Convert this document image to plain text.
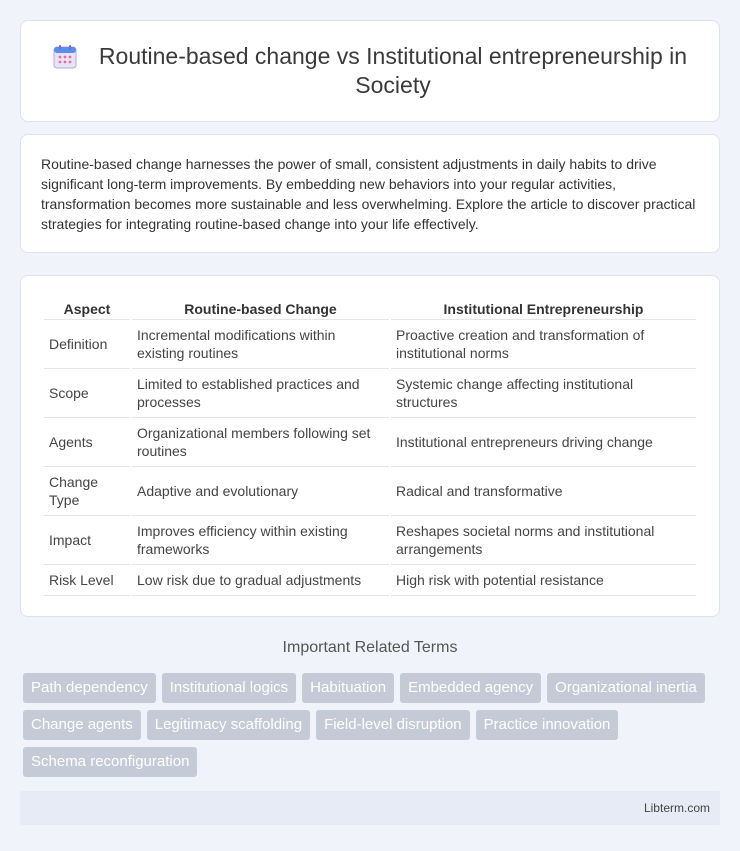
Routine-based change vs Institutional entrepreneurship in Society

Routine-based change harnesses the power of small, consistent adjustments in daily habits to drive significant long-term improvements. By embedding new behaviors into your regular activities, transformation becomes more sustainable and less overwhelming. Explore the article to discover practical strategies for integrating routine-based change into your life effectively.

Aspect	Routine-based Change	Institutional Entrepreneurship
Definition	Incremental modifications within existing routines	Proactive creation and transformation of institutional norms
Scope	Limited to established practices and processes	Systemic change affecting institutional structures
Agents	Organizational members following set routines	Institutional entrepreneurs driving change
Change Type	Adaptive and evolutionary	Radical and transformative
Impact	Improves efficiency within existing frameworks	Reshapes societal norms and institutional arrangements
Risk Level	Low risk due to gradual adjustments	High risk with potential resistance
Important Related Terms
Path dependency	Institutional logics	Habituation	Embedded agency	Organizational inertia
Change agents	Legitimacy scaffolding	Field-level disruption	Practice innovation
Schema reconfiguration
Libterm.com
